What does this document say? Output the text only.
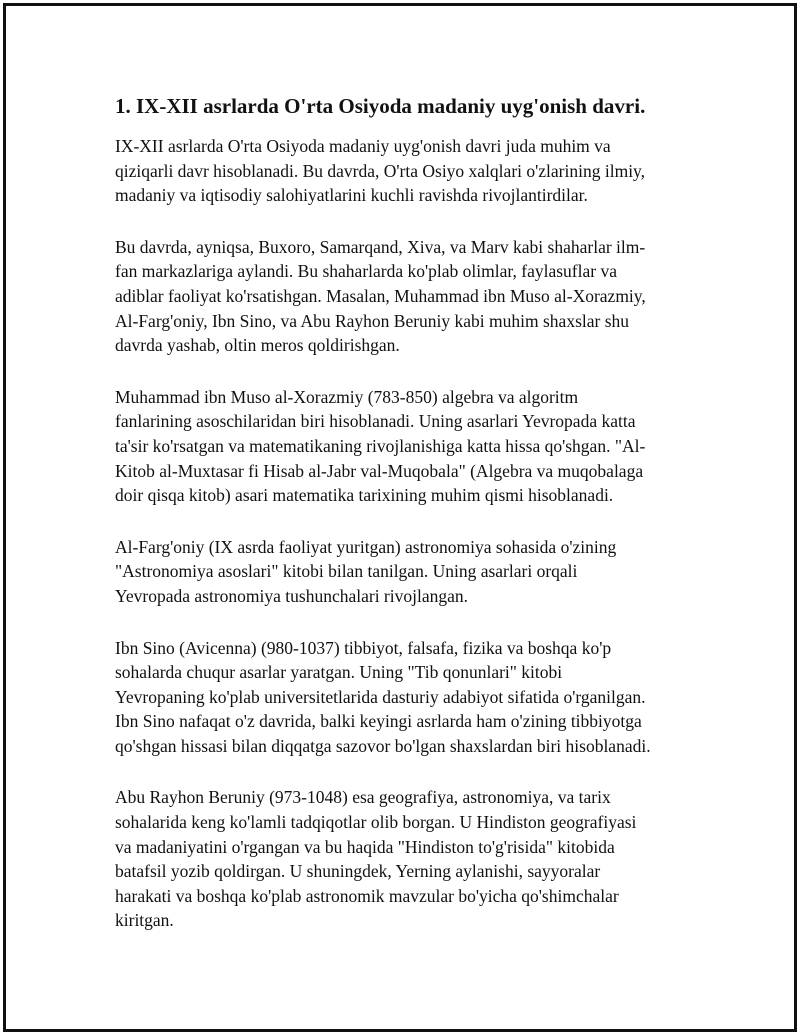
1. IX-XII asrlarda O'rta Osiyoda madaniy uyg'onish davri.

IX-XII asrlarda O'rta Osiyoda madaniy uyg'onish davri juda muhim va
qiziqarli davr hisoblanadi. Bu davrda, O'rta Osiyo xalqlari o'zlarining ilmiy,
madaniy va iqtisodiy salohiyatlarini kuchli ravishda rivojlantirdilar.

Bu davrda, ayniqsa, Buxoro, Samarqand, Xiva, va Marv kabi shaharlar ilm-
fan markazlariga aylandi. Bu shaharlarda ko'plab olimlar, faylasuflar va
adiblar faoliyat ko'rsatishgan. Masalan, Muhammad ibn Muso al-Xorazmiy,
Al-Farg'oniy, Ibn Sino, va Abu Rayhon Beruniy kabi muhim shaxslar shu
davrda yashab, oltin meros qoldirishgan.

Muhammad ibn Muso al-Xorazmiy (783-850) algebra va algoritm
fanlarining asoschilaridan biri hisoblanadi. Uning asarlari Yevropada katta
ta'sir ko'rsatgan va matematikaning rivojlanishiga katta hissa qo'shgan. "Al-
Kitob al-Muxtasar fi Hisab al-Jabr val-Muqobala" (Algebra va muqobalaga
doir qisqa kitob) asari matematika tarixining muhim qismi hisoblanadi.

Al-Farg'oniy (IX asrda faoliyat yuritgan) astronomiya sohasida o'zining
"Astronomiya asoslari" kitobi bilan tanilgan. Uning asarlari orqali
Yevropada astronomiya tushunchalari rivojlangan.

Ibn Sino (Avicenna) (980-1037) tibbiyot, falsafa, fizika va boshqa ko'p
sohalarda chuqur asarlar yaratgan. Uning "Tib qonunlari" kitobi
Yevropaning ko'plab universitetlarida dasturiy adabiyot sifatida o'rganilgan.
Ibn Sino nafaqat o'z davrida, balki keyingi asrlarda ham o'zining tibbiyotga
qo'shgan hissasi bilan diqqatga sazovor bo'lgan shaxslardan biri hisoblanadi.

Abu Rayhon Beruniy (973-1048) esa geografiya, astronomiya, va tarix
sohalarida keng ko'lamli tadqiqotlar olib borgan. U Hindiston geografiyasi
va madaniyatini o'rgangan va bu haqida "Hindiston to'g'risida" kitobida
batafsil yozib qoldirgan. U shuningdek, Yerning aylanishi, sayyoralar
harakati va boshqa ko'plab astronomik mavzular bo'yicha qo'shimchalar
kiritgan.
